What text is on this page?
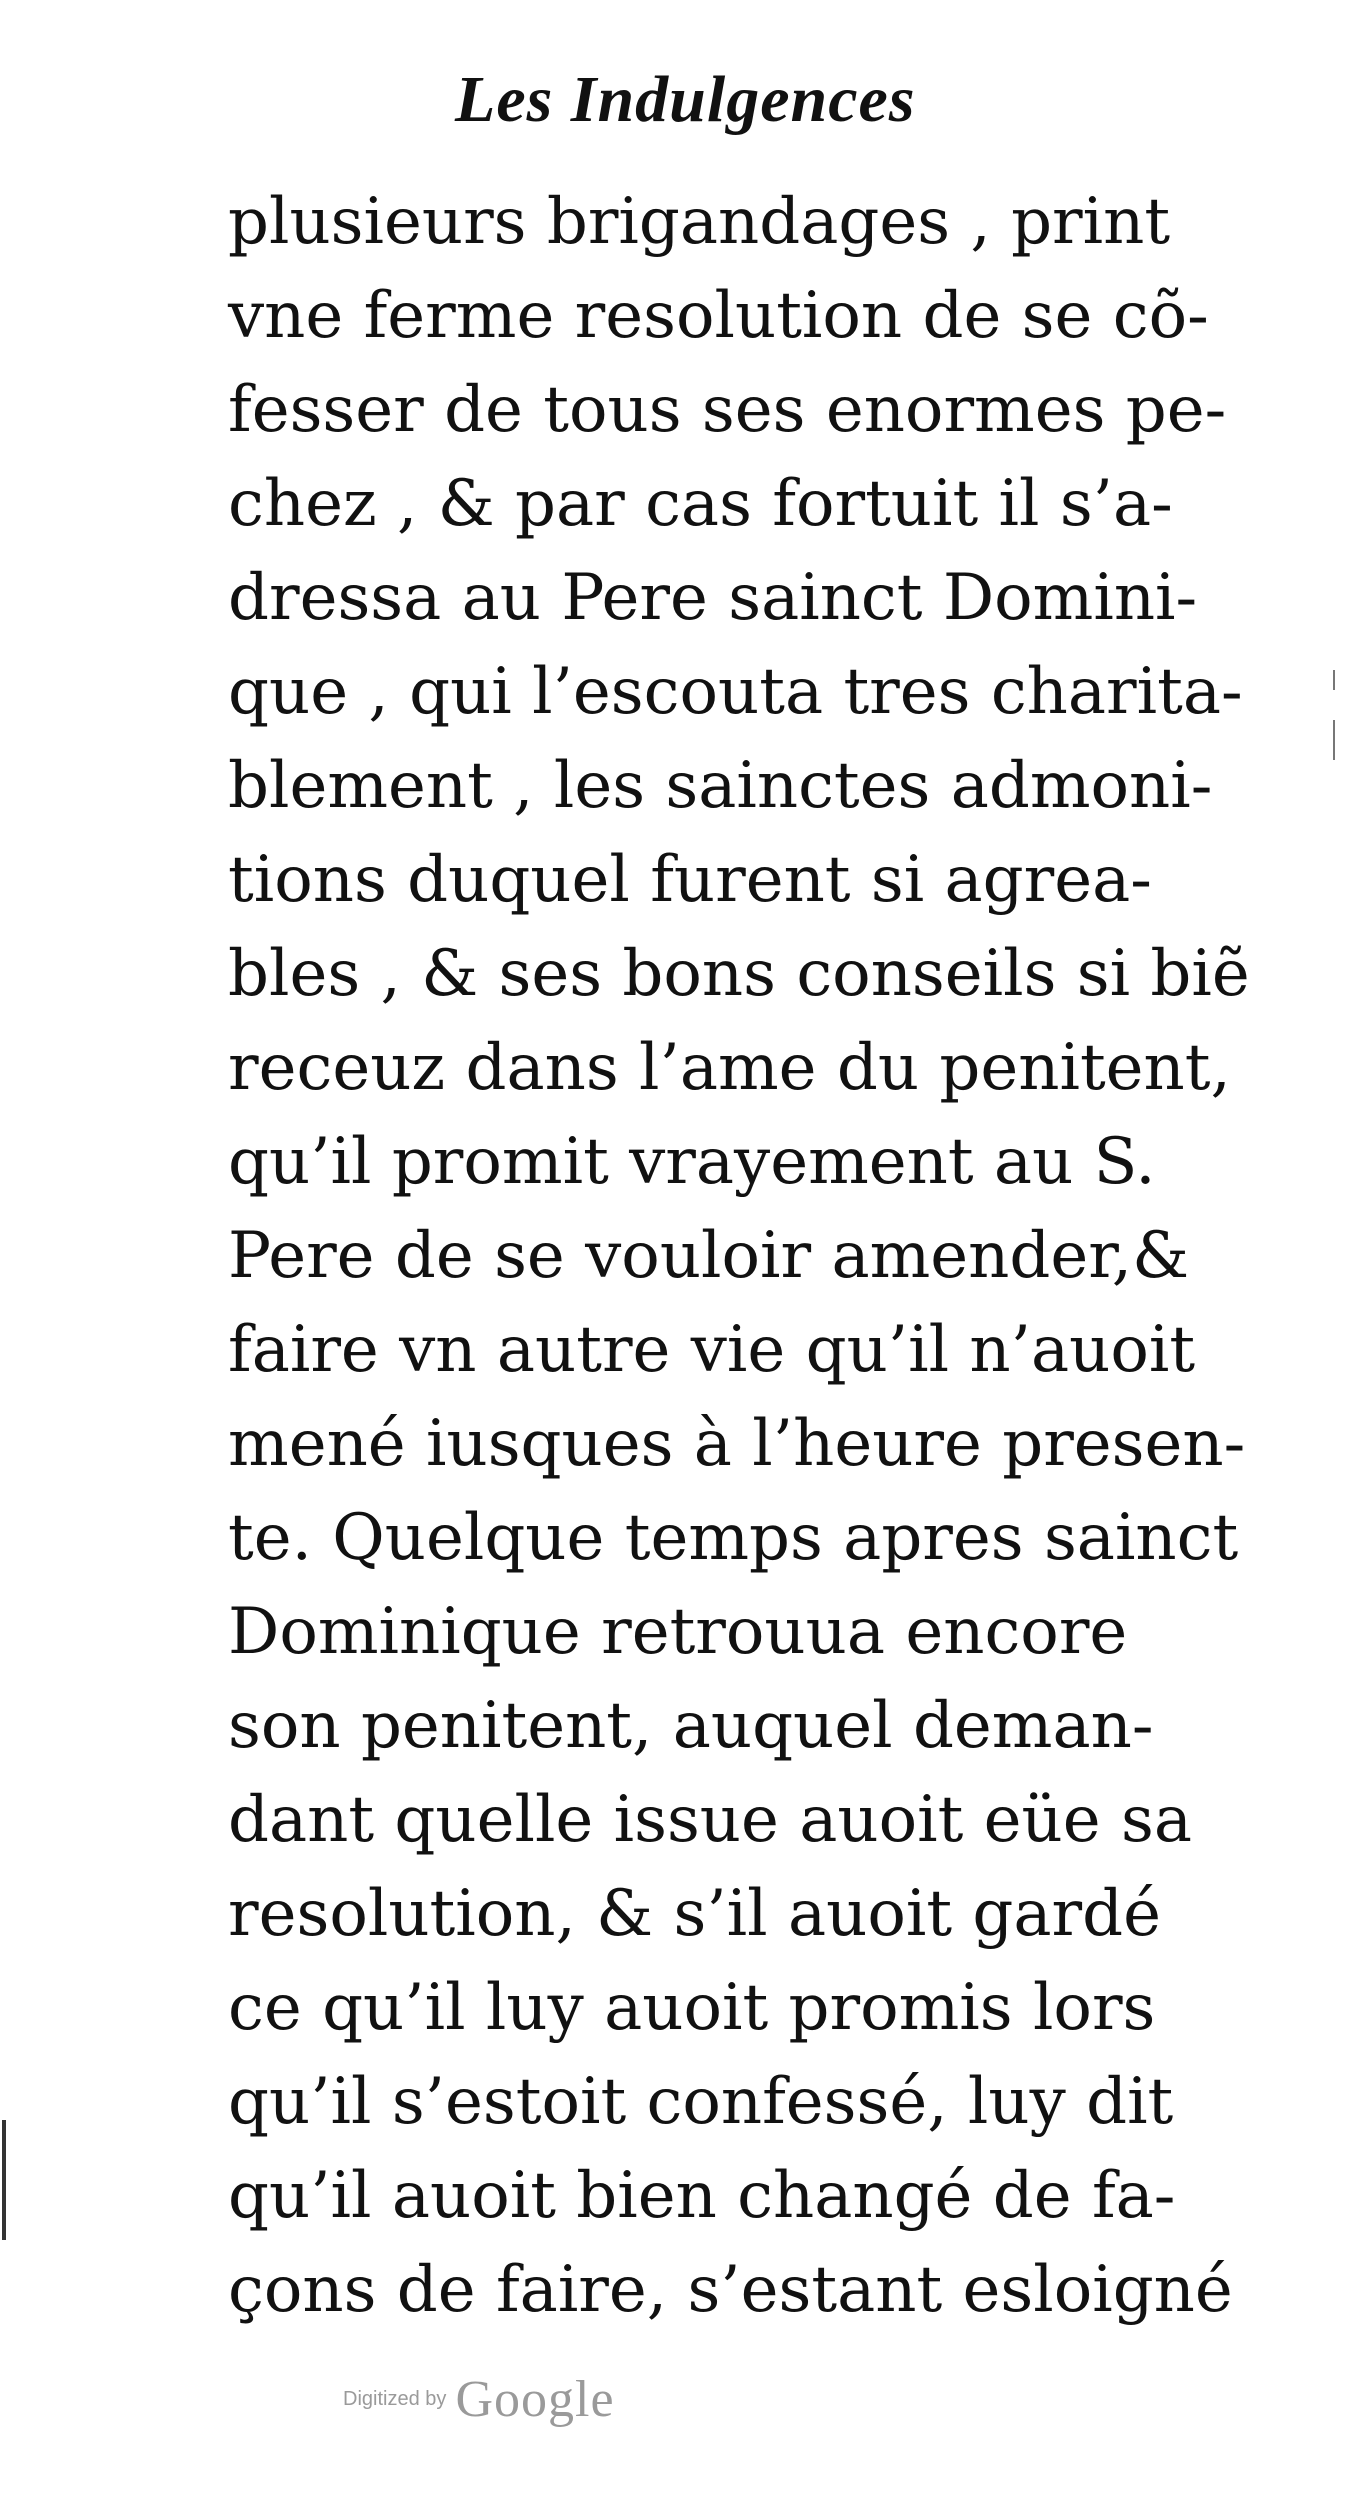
Les Indulgences
plusieurs brigandages , print
vne ferme resolution de se cõ-
fesser de tous ses enormes pe-
chez , & par cas fortuit il s’a-
dressa au Pere sainct Domini-
que , qui l’escouta tres charita-
blement , les sainctes admoni-
tions duquel furent si agrea-
bles , & ses bons conseils si biẽ
receuz dans l’ame du penitent,
qu’il promit vrayement au S.
Pere de se vouloir amender,&
faire vn autre vie qu’il n’auoit
mené iusques à l’heure presen-
te. Quelque temps apres sainct
Dominique retrouua encore
son penitent, auquel deman-
dant quelle issue auoit eüe sa
resolution, & s’il auoit gardé
ce qu’il luy auoit promis lors
qu’il s’estoit confessé, luy dit
qu’il auoit bien changé de fa-
çons de faire, s’estant esloigné
Digitized by Google
